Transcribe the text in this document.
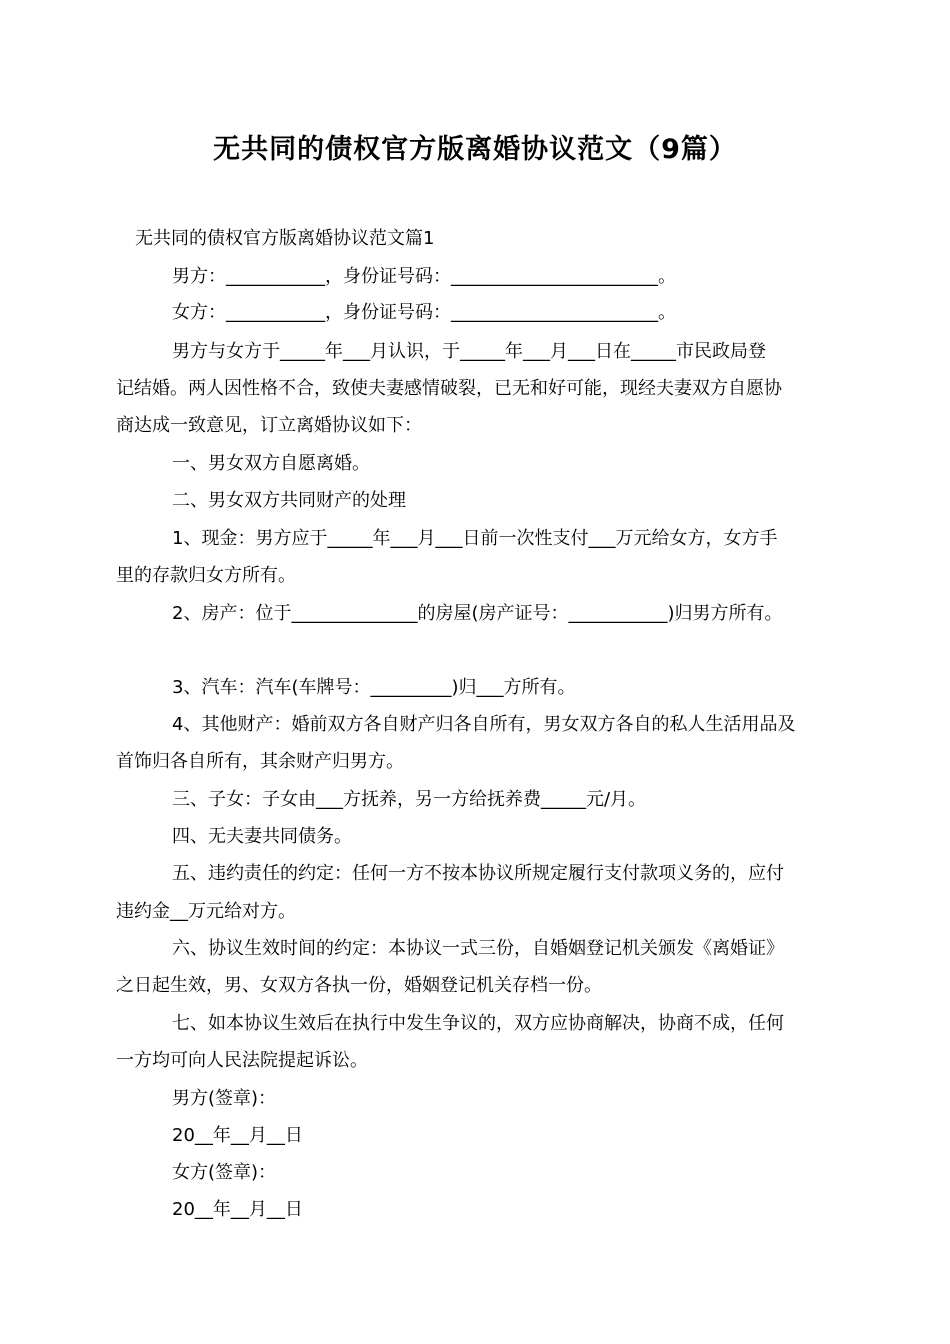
无共同的债权官方版离婚协议范文（9篇）
无共同的债权官方版离婚协议范文篇1
男方：___________，身份证号码：_______________________。
女方：___________，身份证号码：_______________________。
男方与女方于_____年___月认识，于_____年___月___日在_____市民政局登
记结婚。两人因性格不合，致使夫妻感情破裂，已无和好可能，现经夫妻双方自愿协
商达成一致意见，订立离婚协议如下：
一、男女双方自愿离婚。
二、男女双方共同财产的处理
1、现金：男方应于_____年___月___日前一次性支付___万元给女方，女方手
里的存款归女方所有。
2、房产：位于______________的房屋(房产证号：___________)归男方所有。
3、汽车：汽车(车牌号：_________)归___方所有。
4、其他财产：婚前双方各自财产归各自所有，男女双方各自的私人生活用品及
首饰归各自所有，其余财产归男方。
三、子女：子女由___方抚养，另一方给抚养费_____元/月。
四、无夫妻共同债务。
五、违约责任的约定：任何一方不按本协议所规定履行支付款项义务的，应付
违约金__万元给对方。
六、协议生效时间的约定：本协议一式三份，自婚姻登记机关颁发《离婚证》
之日起生效，男、女双方各执一份，婚姻登记机关存档一份。
七、如本协议生效后在执行中发生争议的，双方应协商解决，协商不成，任何
一方均可向人民法院提起诉讼。
男方(签章)：
20__年__月__日
女方(签章)：
20__年__月__日
